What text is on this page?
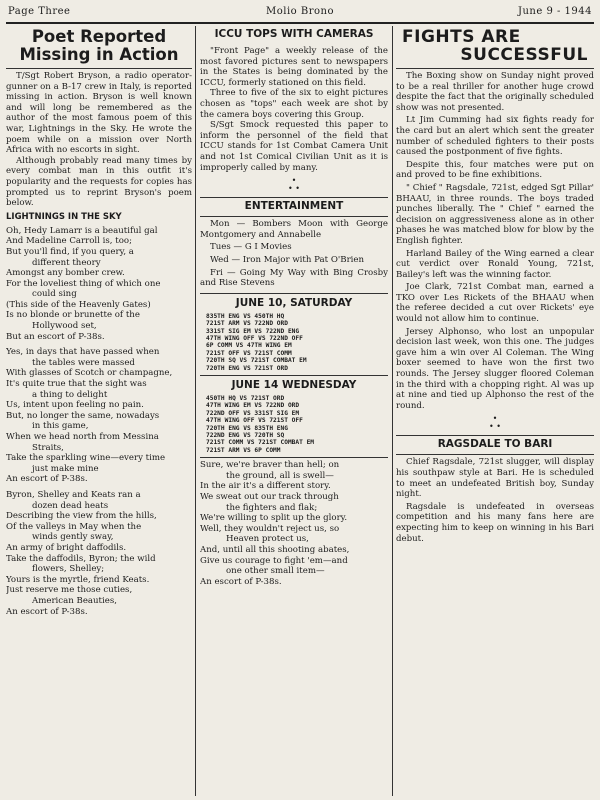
Page Three	Molio Brono	June 9 - 1944
Poet Reported
Missing in Action

T/Sgt Robert Bryson, a radio operator-gunner on a B-17 crew in Italy, is reported missing in action. Bryson is well known and will long be remembered as the author of the most famous poem of this war, Lightnings in the Sky. He wrote the poem while on a mission over North Africa with no escorts in sight.

Although probably read many times by every combat man in this outfit it's popularity and the requests for copies has prompted us to reprint Bryson's poem below.

LIGHTNINGS IN THE SKY
Oh, Hedy Lamarr is a beautiful gal
And Madeline Carroll is, too;
But you'll find, if you query, a
different theory
Amongst any bomber crew.
For the loveliest thing of which one
could sing
(This side of the Heavenly Gates)
Is no blonde or brunette of the
Hollywood set,
But an escort of P-38s.
Yes, in days that have passed when
the tables were massed
With glasses of Scotch or champagne,
It's quite true that the sight was
a thing to delight
Us, intent upon feeling no pain.
But, no longer the same, nowadays
in this game,
When we head north from Messina
Straits,
Take the sparkling wine—every time
just make mine
An escort of P-38s.
Byron, Shelley and Keats ran a
dozen dead heats
Describing the view from the hills,
Of the valleys in May when the
winds gently sway,
An army of bright daffodils.
Take the daffodils, Byron; the wild
flowers, Shelley;
Yours is the myrtle, friend Keats.
Just reserve me those cuties,
American Beauties,
An escort of P-38s.
ICCU TOPS WITH CAMERAS

"Front Page" a weekly release of the most favored pictures sent to newspapers in the States is being dominated by the ICCU, formerly stationed on this field.

Three to five of the six to eight pictures chosen as "tops" each week are shot by the camera boys covering this Group.

S/Sgt Smock requested this paper to inform the personnel of the field that ICCU stands for 1st Combat Camera Unit and not 1st Comical Civilian Unit as it is improperly called by many.

•
• •
ENTERTAINMENT
Mon — Bombers Moon with George Montgomery and Annabelle
Tues — G I Movies
Wed — Iron Major with Pat O'Brien
Fri — Going My Way with Bing Crosby and Rise Stevens
JUNE 10, SATURDAY
835TH ENG VS 450TH HQ
721ST ARM VS 722ND ORD
331ST SIG EM VS 722ND ENG
47TH WING OFF VS 722ND OFF
6P COMM VS 47TH WING EM
721ST OFF VS 721ST COMM
720TH SQ VS 721ST COMBAT EM
720TH ENG VS 721ST ORD
JUNE 14 WEDNESDAY
450TH HQ VS 721ST ORD
47TH WING EM VS 722ND ORD
722ND OFF VS 331ST SIG EM
47TH WING OFF VS 721ST OFF
720TH ENG VS 835TH ENG
722ND ENG VS 720TH SQ
721ST COMM VS 721ST COMBAT EM
721ST ARM VS 6P COMM
Sure, we're braver than hell; on
the ground, all is swell—
In the air it's a different story.
We sweat out our track through
the fighters and flak;
We're willing to split up the glory.
Well, they wouldn't reject us, so
Heaven protect us,
And, until all this shooting abates,
Give us courage to fight 'em—and
one other small item—
An escort of P-38s.
FIGHTS ARE
SUCCESSFUL
The Boxing show on Sunday night proved to be a real thriller for another huge crowd despite the fact that the originally scheduled show was not presented.
Lt Jim Cumming had six fights ready for the card but an alert which sent the greater number of scheduled fighters to their posts caused the postponment of five fights.
Despite this, four matches were put on and proved to be fine exhibitions.
" Chief " Ragsdale, 721st, edged Sgt Pillar' BHAAU, in three rounds. The boys traded punches liberally. The " Chief " earned the decision on aggressiveness alone as in other phases he was matched blow for blow by the English fighter.
Harland Bailey of the Wing earned a clear cut verdict over Ronald Young, 721st, Bailey's left was the winning factor.
Joe Clark, 721st Combat man, earned a TKO over Les Rickets of the BHAAU when the referee decided a cut over Rickets' eye would not allow him to continue.
Jersey Alphonso, who lost an unpopular decision last week, won this one. The judges gave him a win over Al Coleman. The Wing boxer seemed to have won the first two rounds. The Jersey slugger floored Coleman in the third with a chopping right. Al was up at nine and tied up Alphonso the rest of the round.
•
• •
RAGSDALE TO BARI
Chief Ragsdale, 721st slugger, will display his southpaw style at Bari. He is scheduled to meet an undefeated British boy, Sunday night.
Ragsdale is undefeated in overseas competition and his many fans here are expecting him to keep on winning in his Bari debut.
